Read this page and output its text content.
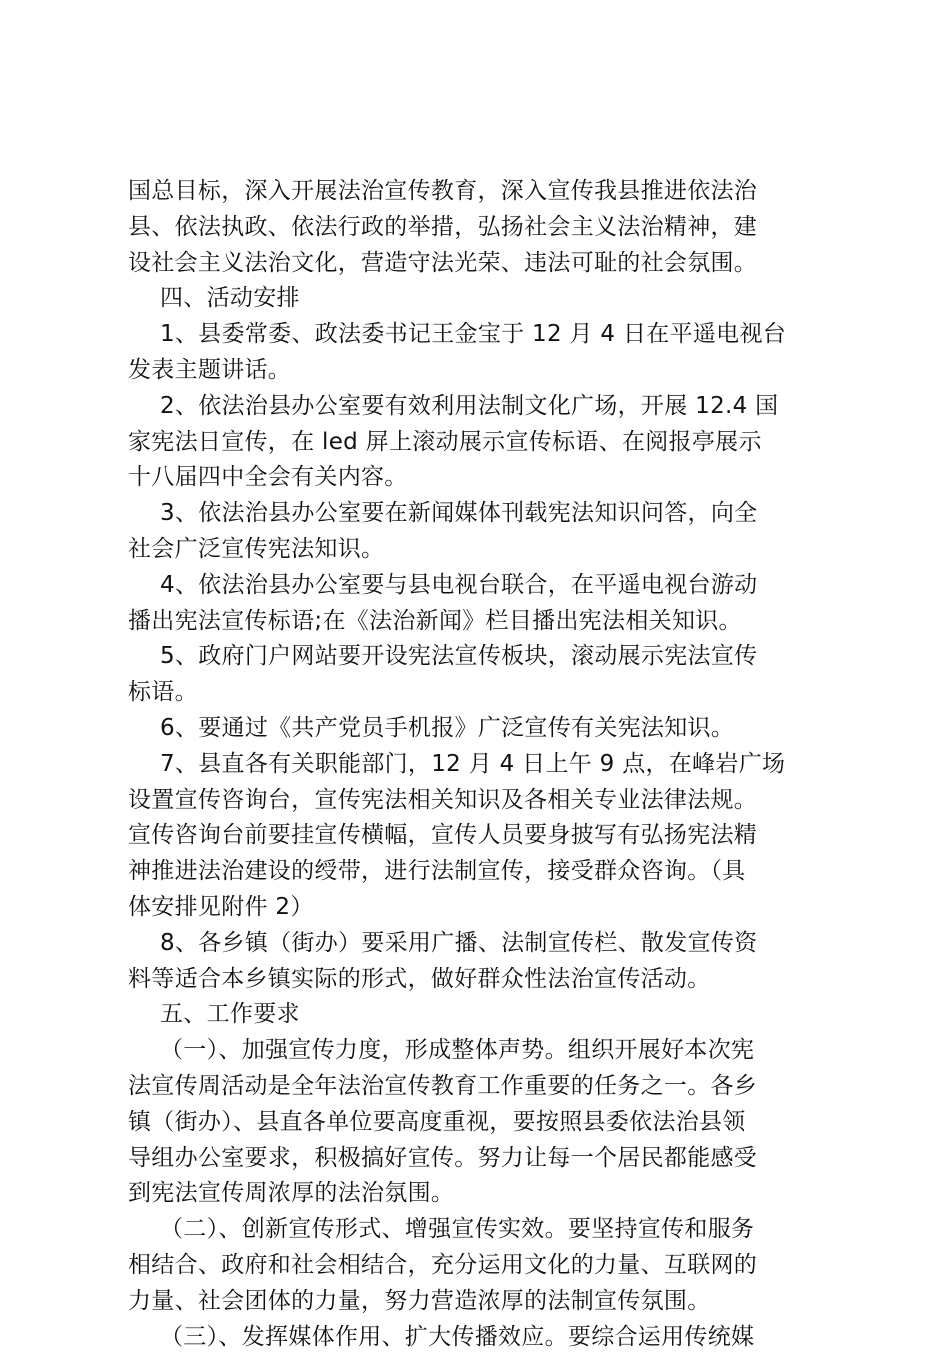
国总目标，深入开展法治宣传教育，深入宣传我县推进依法治
县、依法执政、依法行政的举措，弘扬社会主义法治精神，建
设社会主义法治文化，营造守法光荣、违法可耻的社会氛围。
四、活动安排
1、县委常委、政法委书记王金宝于 12 月 4 日在平遥电视台
发表主题讲话。
2、依法治县办公室要有效利用法制文化广场，开展 12.4 国
家宪法日宣传，在 led 屏上滚动展示宣传标语、在阅报亭展示
十八届四中全会有关内容。
3、依法治县办公室要在新闻媒体刊载宪法知识问答，向全
社会广泛宣传宪法知识。
4、依法治县办公室要与县电视台联合，在平遥电视台游动
播出宪法宣传标语;在《法治新闻》栏目播出宪法相关知识。
5、政府门户网站要开设宪法宣传板块，滚动展示宪法宣传
标语。
6、要通过《共产党员手机报》广泛宣传有关宪法知识。
7、县直各有关职能部门，12 月 4 日上午 9 点，在峰岩广场
设置宣传咨询台，宣传宪法相关知识及各相关专业法律法规。
宣传咨询台前要挂宣传横幅，宣传人员要身披写有弘扬宪法精
神推进法治建设的绶带，进行法制宣传，接受群众咨询。（具
体安排见附件 2）
8、各乡镇（街办）要采用广播、法制宣传栏、散发宣传资
料等适合本乡镇实际的形式，做好群众性法治宣传活动。
五、工作要求
（一）、加强宣传力度，形成整体声势。组织开展好本次宪
法宣传周活动是全年法治宣传教育工作重要的任务之一。各乡
镇（街办）、县直各单位要高度重视，要按照县委依法治县领
导组办公室要求，积极搞好宣传。努力让每一个居民都能感受
到宪法宣传周浓厚的法治氛围。
（二）、创新宣传形式、增强宣传实效。要坚持宣传和服务
相结合、政府和社会相结合，充分运用文化的力量、互联网的
力量、社会团体的力量，努力营造浓厚的法制宣传氛围。
（三）、发挥媒体作用、扩大传播效应。要综合运用传统媒
